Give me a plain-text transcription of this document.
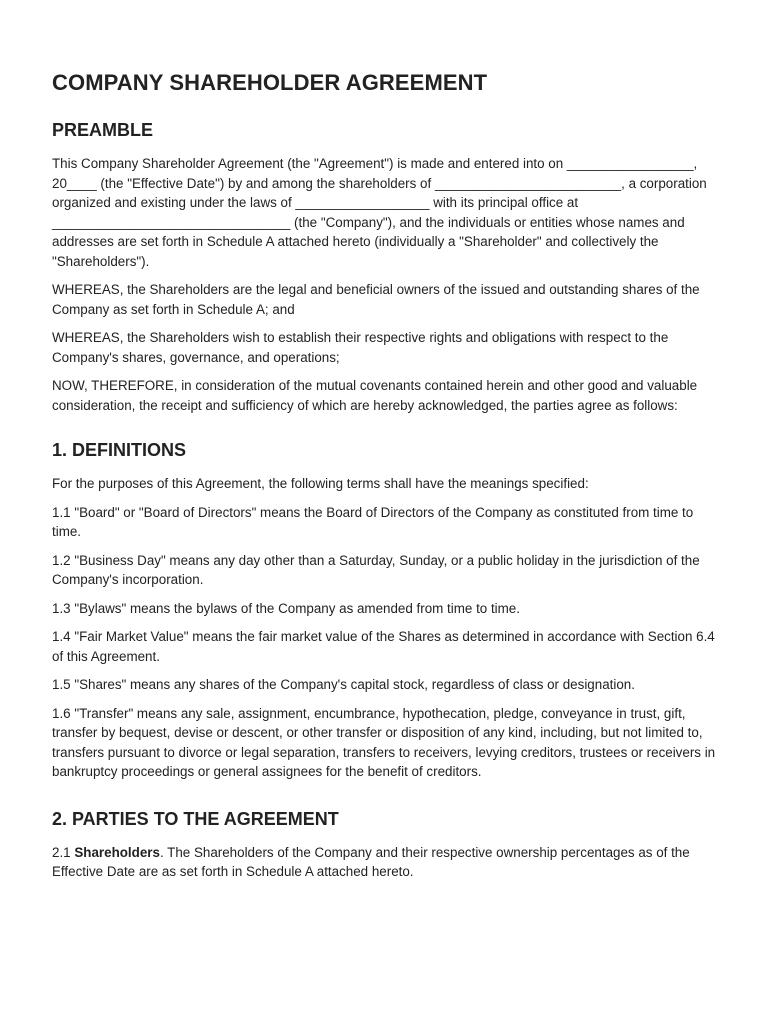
COMPANY SHAREHOLDER AGREEMENT
PREAMBLE

This Company Shareholder Agreement (the "Agreement") is made and entered into on _________________, 20____ (the "Effective Date") by and among the shareholders of _________________________, a corporation organized and existing under the laws of __________________ with its principal office at ________________________________ (the "Company"), and the individuals or entities whose names and addresses are set forth in Schedule A attached hereto (individually a "Shareholder" and collectively the "Shareholders").

WHEREAS, the Shareholders are the legal and beneficial owners of the issued and outstanding shares of the Company as set forth in Schedule A; and

WHEREAS, the Shareholders wish to establish their respective rights and obligations with respect to the Company's shares, governance, and operations;

NOW, THEREFORE, in consideration of the mutual covenants contained herein and other good and valuable consideration, the receipt and sufficiency of which are hereby acknowledged, the parties agree as follows:

1. DEFINITIONS

For the purposes of this Agreement, the following terms shall have the meanings specified:

1.1 "Board" or "Board of Directors" means the Board of Directors of the Company as constituted from time to time.

1.2 "Business Day" means any day other than a Saturday, Sunday, or a public holiday in the jurisdiction of the Company's incorporation.

1.3 "Bylaws" means the bylaws of the Company as amended from time to time.

1.4 "Fair Market Value" means the fair market value of the Shares as determined in accordance with Section 6.4 of this Agreement.

1.5 "Shares" means any shares of the Company's capital stock, regardless of class or designation.

1.6 "Transfer" means any sale, assignment, encumbrance, hypothecation, pledge, conveyance in trust, gift, transfer by bequest, devise or descent, or other transfer or disposition of any kind, including, but not limited to, transfers pursuant to divorce or legal separation, transfers to receivers, levying creditors, trustees or receivers in bankruptcy proceedings or general assignees for the benefit of creditors.

2. PARTIES TO THE AGREEMENT

2.1 Shareholders. The Shareholders of the Company and their respective ownership percentages as of the Effective Date are as set forth in Schedule A attached hereto.
